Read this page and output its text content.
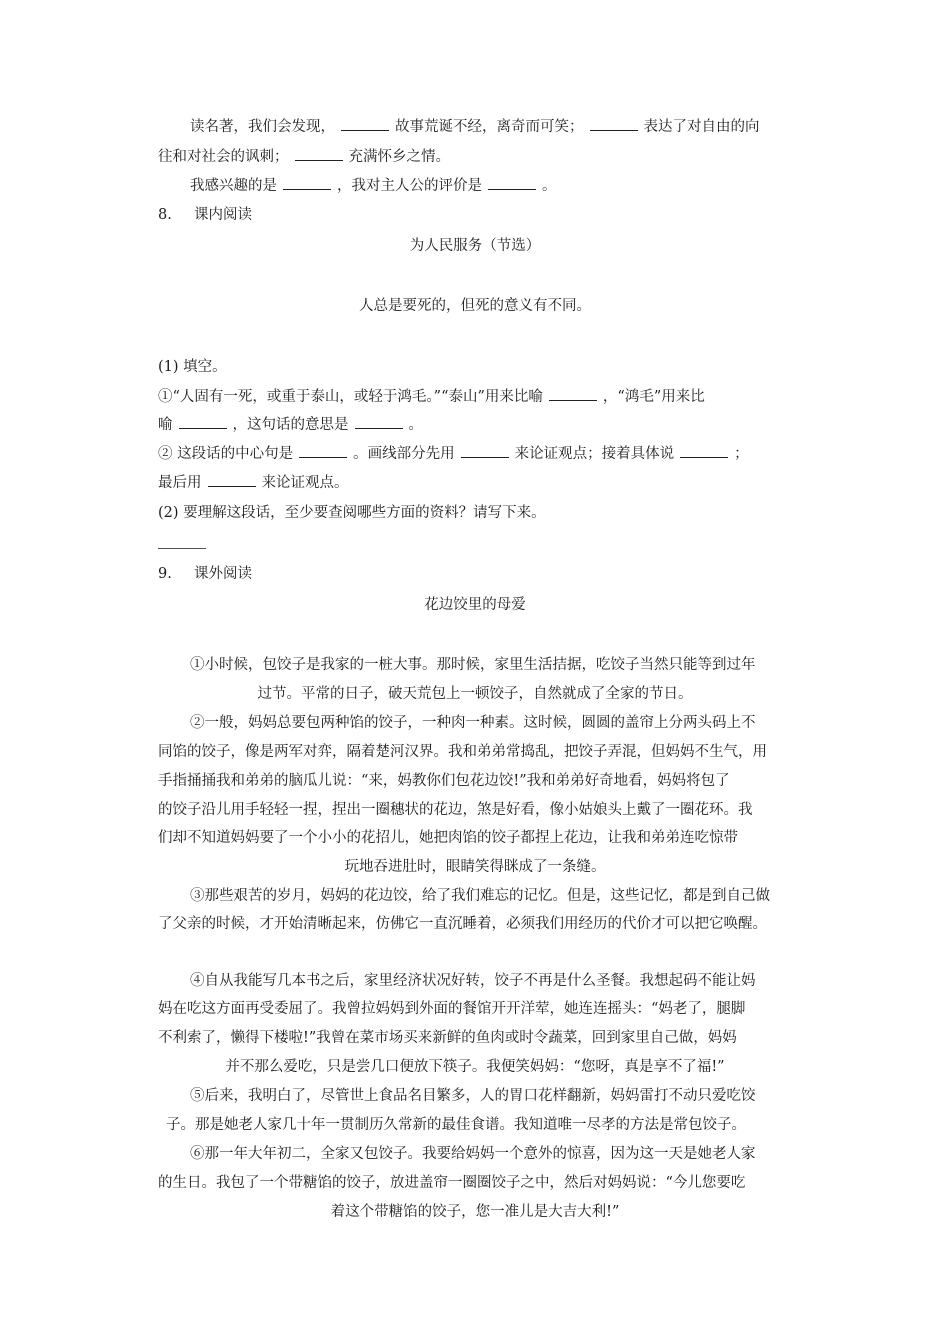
读名著，我们会发现，	故事荒诞不经，离奇而可笑；	表达了对自由的向
往和对社会的讽刺；	充满怀乡之情。
我感兴趣的是	，我对主人公的评价是	。
8. 课内阅读
为人民服务（节选）
人总是要死的，但死的意义有不同。
(1) 填空。
①“人固有一死，或重于泰山，或轻于鸿毛。”“泰山”用来比喻	，“鸿毛”用来比
喻	，这句话的意思是	。
② 这段话的中心句是	。画线部分先用	来论证观点；接着具体说	；
最后用	来论证观点。
(2) 要理解这段话，至少要查阅哪些方面的资料？请写下来。
9. 课外阅读
花边饺里的母爱
①小时候，包饺子是我家的一桩大事。那时候，家里生活拮据，吃饺子当然只能等到过年
过节。平常的日子，破天荒包上一顿饺子，自然就成了全家的节日。
②一般，妈妈总要包两种馅的饺子，一种肉一种素。这时候，圆圆的盖帘上分两头码上不
同馅的饺子，像是两军对弈，隔着楚河汉界。我和弟弟常捣乱，把饺子弄混，但妈妈不生气，用
手指捅捅我和弟弟的脑瓜儿说：“来，妈教你们包花边饺!”我和弟弟好奇地看，妈妈将包了
的饺子沿儿用手轻轻一捏，捏出一圈穗状的花边，煞是好看，像小姑娘头上戴了一圈花环。我
们却不知道妈妈要了一个小小的花招儿，她把肉馅的饺子都捏上花边，让我和弟弟连吃惊带
玩地吞进肚时，眼睛笑得眯成了一条缝。
③那些艰苦的岁月，妈妈的花边饺，给了我们难忘的记忆。但是，这些记忆，都是到自己做
了父亲的时候，才开始清晰起来，仿佛它一直沉睡着，必须我们用经历的代价才可以把它唤醒。
④自从我能写几本书之后，家里经济状况好转，饺子不再是什么圣餐。我想起码不能让妈
妈在吃这方面再受委屈了。我曾拉妈妈到外面的餐馆开开洋荤，她连连摇头：“妈老了，腿脚
不利索了，懒得下楼啦!”我曾在菜市场买来新鲜的鱼肉或时令蔬菜，回到家里自己做，妈妈
并不那么爱吃，只是尝几口便放下筷子。我便笑妈妈：“您呀，真是享不了福!”
⑤后来，我明白了，尽管世上食品名目繁多，人的胃口花样翻新，妈妈雷打不动只爱吃饺
子。那是她老人家几十年一贯制历久常新的最佳食谱。我知道唯一尽孝的方法是常包饺子。
⑥那一年大年初二，全家又包饺子。我要给妈妈一个意外的惊喜，因为这一天是她老人家
的生日。我包了一个带糖馅的饺子，放进盖帘一圈圈饺子之中，然后对妈妈说：“今儿您要吃
着这个带糖馅的饺子，您一准儿是大吉大利!”
